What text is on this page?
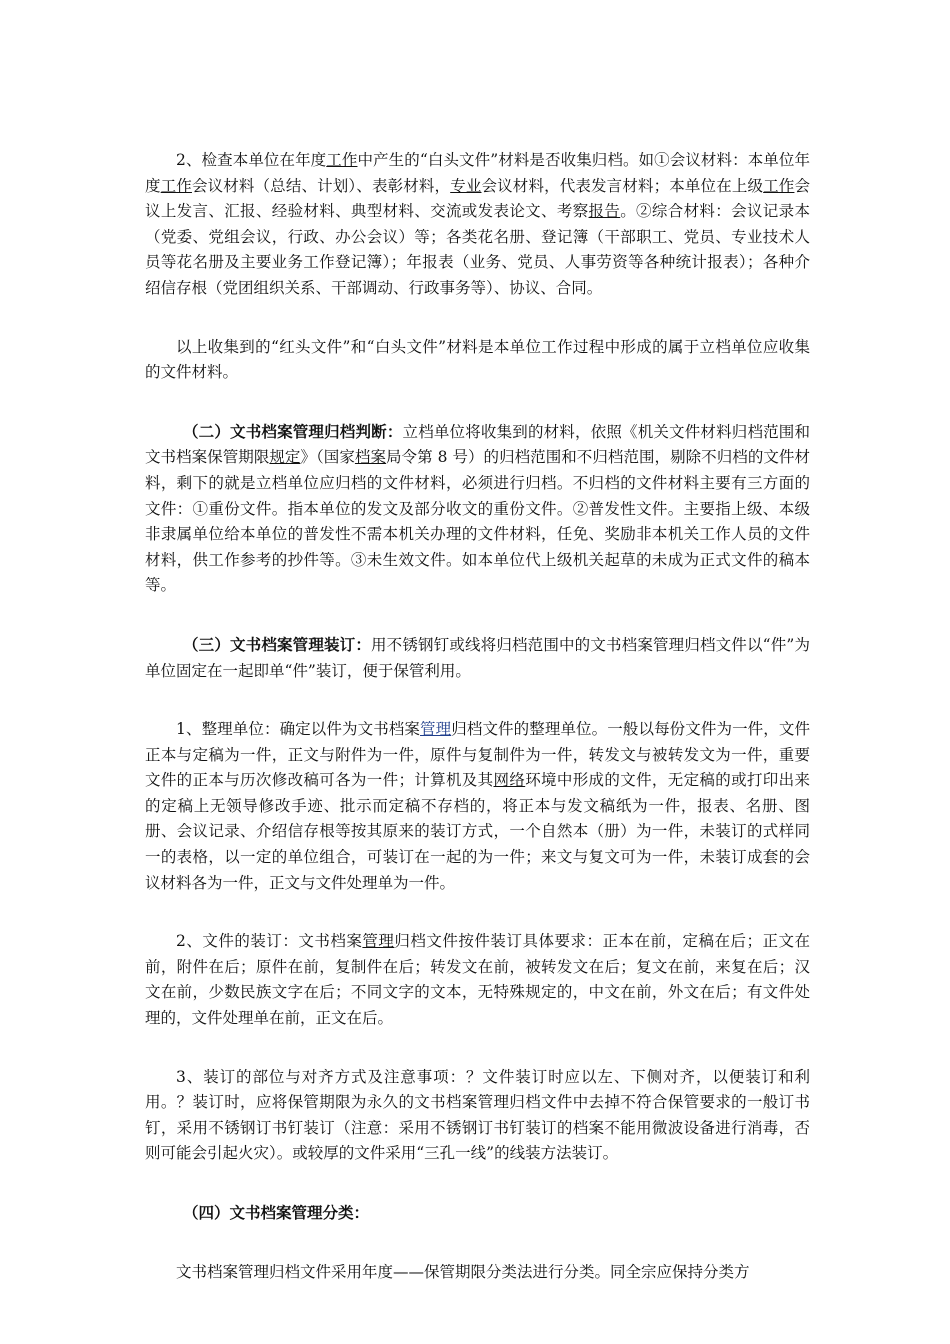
2、检查本单位在年度工作中产生的“白头文件”材料是否收集归档。如①会议材料：本单位年度工作会议材料（总结、计划）、表彰材料，专业会议材料，代表发言材料；本单位在上级工作会议上发言、汇报、经验材料、典型材料、交流或发表论文、考察报告。②综合材料：会议记录本（党委、党组会议，行政、办公会议）等；各类花名册、登记簿（干部职工、党员、专业技术人员等花名册及主要业务工作登记簿）；年报表（业务、党员、人事劳资等各种统计报表）；各种介绍信存根（党团组织关系、干部调动、行政事务等）、协议、合同。

以上收集到的“红头文件”和“白头文件”材料是本单位工作过程中形成的属于立档单位应收集的文件材料。

（二）文书档案管理归档判断：立档单位将收集到的材料，依照《机关文件材料归档范围和文书档案保管期限规定》（国家档案局令第 8 号）的归档范围和不归档范围，剔除不归档的文件材料，剩下的就是立档单位应归档的文件材料，必须进行归档。不归档的文件材料主要有三方面的文件：①重份文件。指本单位的发文及部分收文的重份文件。②普发性文件。主要指上级、本级非隶属单位给本单位的普发性不需本机关办理的文件材料，任免、奖励非本机关工作人员的文件材料，供工作参考的抄件等。③未生效文件。如本单位代上级机关起草的未成为正式文件的稿本等。

（三）文书档案管理装订：用不锈钢钉或线将归档范围中的文书档案管理归档文件以“件”为单位固定在一起即单“件”装订，便于保管利用。

1、整理单位：确定以件为文书档案管理归档文件的整理单位。一般以每份文件为一件，文件正本与定稿为一件，正文与附件为一件，原件与复制件为一件，转发文与被转发文为一件，重要文件的正本与历次修改稿可各为一件；计算机及其网络环境中形成的文件，无定稿的或打印出来的定稿上无领导修改手迹、批示而定稿不存档的，将正本与发文稿纸为一件，报表、名册、图册、会议记录、介绍信存根等按其原来的装订方式，一个自然本（册）为一件，未装订的式样同一的表格，以一定的单位组合，可装订在一起的为一件；来文与复文可为一件，未装订成套的会议材料各为一件，正文与文件处理单为一件。

2、文件的装订：文书档案管理归档文件按件装订具体要求：正本在前，定稿在后；正文在前，附件在后；原件在前，复制件在后；转发文在前，被转发文在后；复文在前，来复在后；汉文在前，少数民族文字在后；不同文字的文本，无特殊规定的，中文在前，外文在后；有文件处理的，文件处理单在前，正文在后。

3、装订的部位与对齐方式及注意事项：？文件装订时应以左、下侧对齐，以便装订和利用。？装订时，应将保管期限为永久的文书档案管理归档文件中去掉不符合保管要求的一般订书钉，采用不锈钢订书钉装订（注意：采用不锈钢订书钉装订的档案不能用微波设备进行消毒，否则可能会引起火灾）。或较厚的文件采用“三孔一线”的线装方法装订。

（四）文书档案管理分类：

文书档案管理归档文件采用年度——保管期限分类法进行分类。同全宗应保持分类方
